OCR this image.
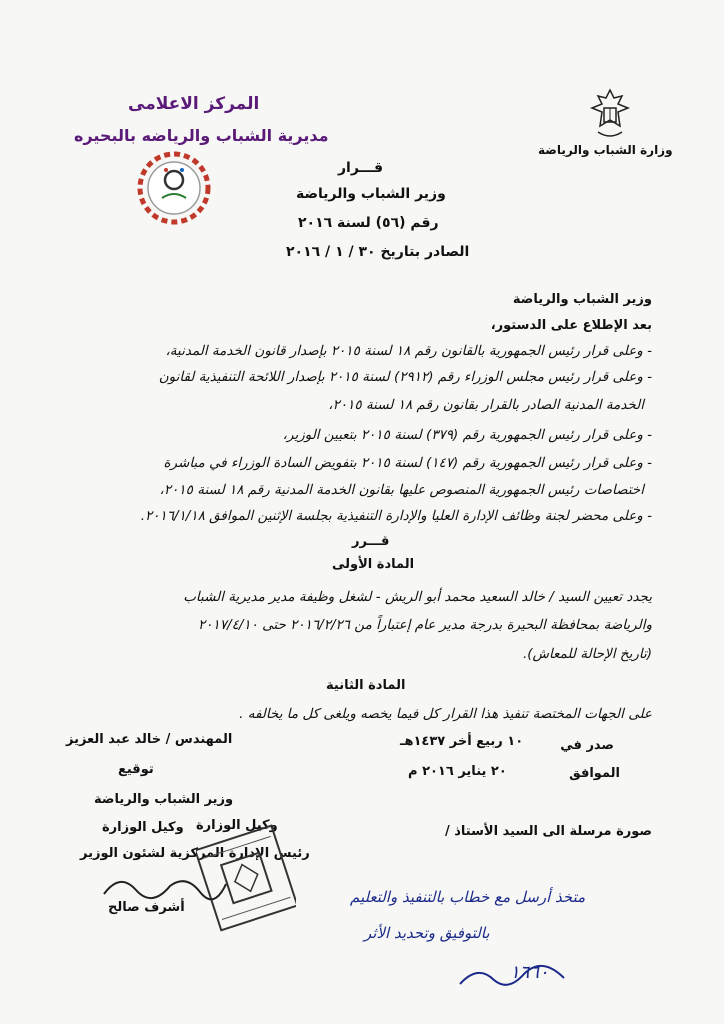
وزارة الشباب والرياضة
المركز الاعلامى
مديرية الشباب والرياضه بالبحيره
قـــرار
وزير الشباب والرياضة
رقم (٥٦) لسنة ٢٠١٦
الصادر بتاريخ ٣٠ / ١ / ٢٠١٦
وزير الشباب والرياضة
بعد الإطلاع على الدستور،
- وعلى قرار رئيس الجمهورية بالقانون رقم ١٨ لسنة ٢٠١٥ بإصدار قانون الخدمة المدنية،
- وعلى قرار رئيس مجلس الوزراء رقم (٢٩١٢) لسنة ٢٠١٥ بإصدار اللائحة التنفيذية لقانون
الخدمة المدنية الصادر بالقرار بقانون رقم ١٨ لسنة ٢٠١٥،
- وعلى قرار رئيس الجمهورية رقم (٣٧٩) لسنة ٢٠١٥ بتعيين الوزير،
- وعلى قرار رئيس الجمهورية رقم (١٤٧) لسنة ٢٠١٥ بتفويض السادة الوزراء في مباشرة
اختصاصات رئيس الجمهورية المنصوص عليها بقانون الخدمة المدنية رقم ١٨ لسنة ٢٠١٥،
- وعلى محضر لجنة وظائف الإدارة العليا والإدارة التنفيذية بجلسة الإثنين الموافق ٢٠١٦/١/١٨.
قـــرر
المادة الأولى
يجدد تعيين السيد / خالد السعيد محمد أبو الريش - لشغل وظيفة مدير مديرية الشباب
والرياضة بمحافظة البحيرة بدرجة مدير عام إعتباراً من ٢٠١٦/٢/٢٦ حتى ٢٠١٧/٤/١٠
(تاريخ الإحالة للمعاش).
المادة الثانية
على الجهات المختصة تنفيذ هذا القرار كل فيما يخصه ويلغى كل ما يخالفه .
صدر في
١٠ ربيع أخر ١٤٣٧هـ
الموافق
٢٠ يناير ٢٠١٦ م
المهندس / خالد عبد العزيز
توقيع
وزير الشباب والرياضة
صورة مرسلة الى السيد الأستاذ /
وكيل الوزارة
وكيل الوزارة
رئيس الإدارة المركزية لشئون الوزير
أشرف صالح
متخذ أرسل مع خطاب بالتنفيذ والتعليم
بالتوفيق وتحديد الأثر
١٦٦٠
